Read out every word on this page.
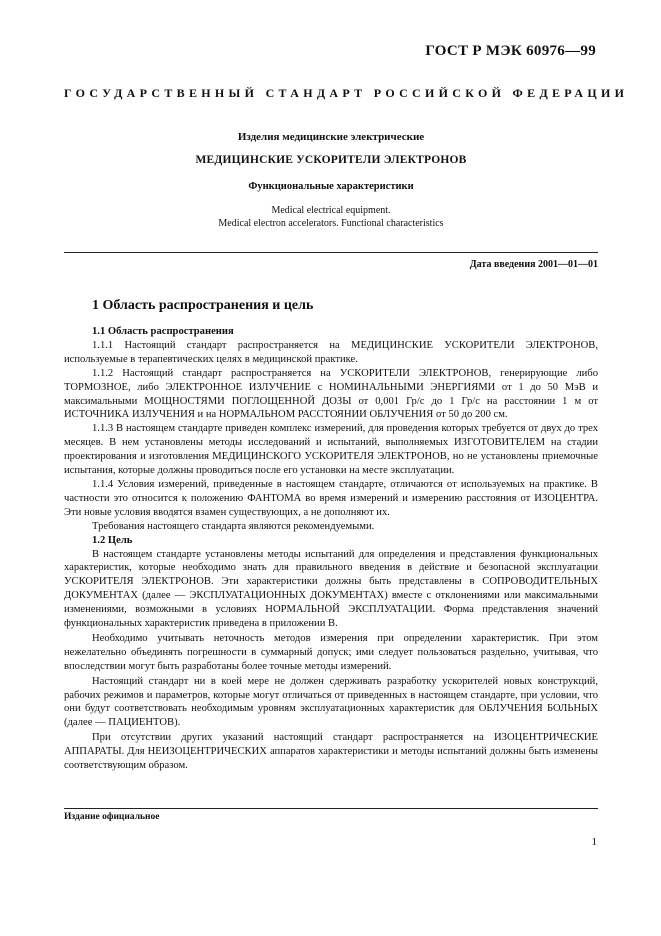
ГОСТ Р МЭК 60976—99
ГОСУДАРСТВЕННЫЙ СТАНДАРТ РОССИЙСКОЙ ФЕДЕРАЦИИ
Изделия медицинские электрические
МЕДИЦИНСКИЕ УСКОРИТЕЛИ ЭЛЕКТРОНОВ
Функциональные характеристики
Medical electrical equipment.
Medical electron accelerators. Functional characteristics
Дата введения 2001—01—01
1 Область распространения и цель

1.1 Область распространения

1.1.1 Настоящий стандарт распространяется на МЕДИЦИНСКИЕ УСКОРИТЕЛИ ЭЛЕКТРОНОВ, используемые в терапевтических целях в медицинской практике.

1.1.2 Настоящий стандарт распространяется на УСКОРИТЕЛИ ЭЛЕКТРОНОВ, генерирующие либо ТОРМОЗНОЕ, либо ЭЛЕКТРОННОЕ ИЗЛУЧЕНИЕ с НОМИНАЛЬНЫМИ ЭНЕРГИЯМИ от 1 до 50 МэВ и максимальными МОЩНОСТЯМИ ПОГЛОЩЕННОЙ ДОЗЫ от 0,001 Гр/с до 1 Гр/с на расстоянии 1 м от ИСТОЧНИКА ИЗЛУЧЕНИЯ и на НОРМАЛЬНОМ РАССТОЯНИИ ОБЛУЧЕНИЯ от 50 до 200 см.

1.1.3 В настоящем стандарте приведен комплекс измерений, для проведения которых требуется от двух до трех месяцев. В нем установлены методы исследований и испытаний, выполняемых ИЗГОТОВИТЕЛЕМ на стадии проектирования и изготовления МЕДИЦИНСКОГО УСКОРИТЕЛЯ ЭЛЕКТРОНОВ, но не установлены приемочные испытания, которые должны проводиться после его установки на месте эксплуатации.

1.1.4 Условия измерений, приведенные в настоящем стандарте, отличаются от используемых на практике. В частности это относится к положению ФАНТОМА во время измерений и измерению расстояния от ИЗОЦЕНТРА. Эти новые условия вводятся взамен существующих, а не дополняют их.

Требования настоящего стандарта являются рекомендуемыми.

1.2 Цель

В настоящем стандарте установлены методы испытаний для определения и представления функциональных характеристик, которые необходимо знать для правильного введения в действие и безопасной эксплуатации УСКОРИТЕЛЯ ЭЛЕКТРОНОВ. Эти характеристики должны быть представлены в СОПРОВОДИТЕЛЬНЫХ ДОКУМЕНТАХ (далее — ЭКСПЛУАТАЦИОННЫХ ДОКУМЕНТАХ) вместе с отклонениями или максимальными изменениями, возможными в условиях НОРМАЛЬНОЙ ЭКСПЛУАТАЦИИ. Форма представления значений функциональных характеристик приведена в приложении В.

Необходимо учитывать неточность методов измерения при определении характеристик. При этом нежелательно объединять погрешности в суммарный допуск; ими следует пользоваться раздельно, учитывая, что впоследствии могут быть разработаны более точные методы измерений.

Настоящий стандарт ни в коей мере не должен сдерживать разработку ускорителей новых конструкций, рабочих режимов и параметров, которые могут отличаться от приведенных в настоящем стандарте, при условии, что они будут соответствовать необходимым уровням эксплуатационных характеристик для ОБЛУЧЕНИЯ БОЛЬНЫХ (далее — ПАЦИЕНТОВ).

При отсутствии других указаний настоящий стандарт распространяется на ИЗОЦЕНТРИЧЕСКИЕ АППАРАТЫ. Для НЕИЗОЦЕНТРИЧЕСКИХ аппаратов характеристики и методы испытаний должны быть изменены соответствующим образом.

Издание официальное
1
